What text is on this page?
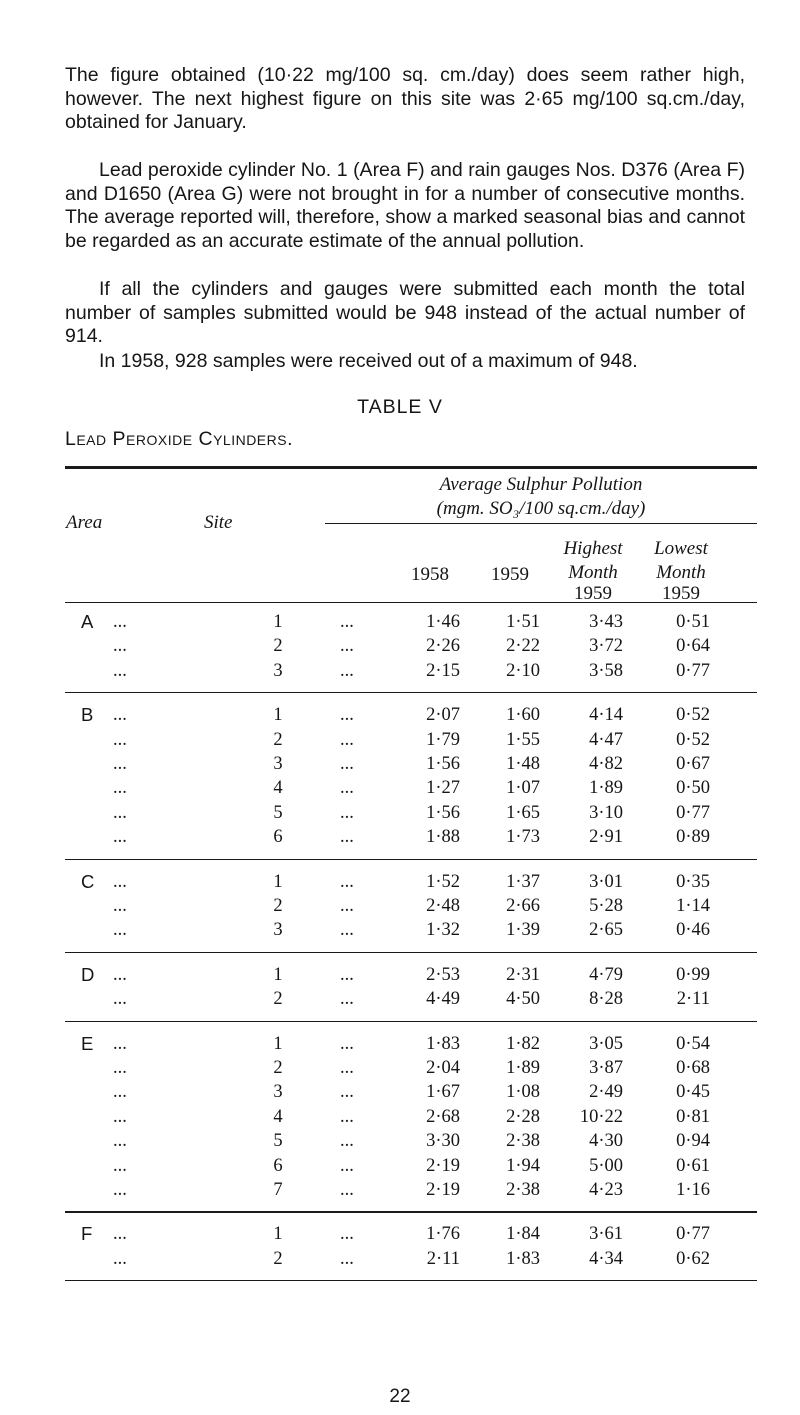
The figure obtained (10·22 mg/100 sq. cm./day) does seem rather high, however. The next highest figure on this site was 2·65 mg/100 sq.cm./day, obtained for January.

Lead peroxide cylinder No. 1 (Area F) and rain gauges Nos. D376 (Area F) and D1650 (Area G) were not brought in for a number of consecutive months. The average reported will, therefore, show a marked seasonal bias and cannot be regarded as an accurate estimate of the annual pollution.

If all the cylinders and gauges were submitted each month the total number of samples submitted would be 948 instead of the actual number of 914.

In 1958, 928 samples were received out of a maximum of 948.

TABLE V
Lead Peroxide Cylinders.
Average Sulphur Pollution
(mgm. SO₃/100 sq.cm./day)
Area	Site
1958	1959
Highest
Month
1959
Lowest
Month
1959
A ...	1	...	1·46	1·51	3·43	0·51
...	2	...	2·26	2·22	3·72	0·64
...	3	...	2·15	2·10	3·58	0·77
B ...	1	...	2·07	1·60	4·14	0·52
...	2	...	1·79	1·55	4·47	0·52
...	3	...	1·56	1·48	4·82	0·67
...	4	...	1·27	1·07	1·89	0·50
...	5	...	1·56	1·65	3·10	0·77
...	6	...	1·88	1·73	2·91	0·89
C ...	1	...	1·52	1·37	3·01	0·35
...	2	...	2·48	2·66	5·28	1·14
...	3	...	1·32	1·39	2·65	0·46
D ...	1	...	2·53	2·31	4·79	0·99
...	2	...	4·49	4·50	8·28	2·11
E ...	1	...	1·83	1·82	3·05	0·54
...	2	...	2·04	1·89	3·87	0·68
...	3	...	1·67	1·08	2·49	0·45
...	4	...	2·68	2·28	10·22	0·81
...	5	...	3·30	2·38	4·30	0·94
...	6	...	2·19	1·94	5·00	0·61
...	7	...	2·19	2·38	4·23	1·16
F ...	1	...	1·76	1·84	3·61	0·77
...	2	...	2·11	1·83	4·34	0·62
22
